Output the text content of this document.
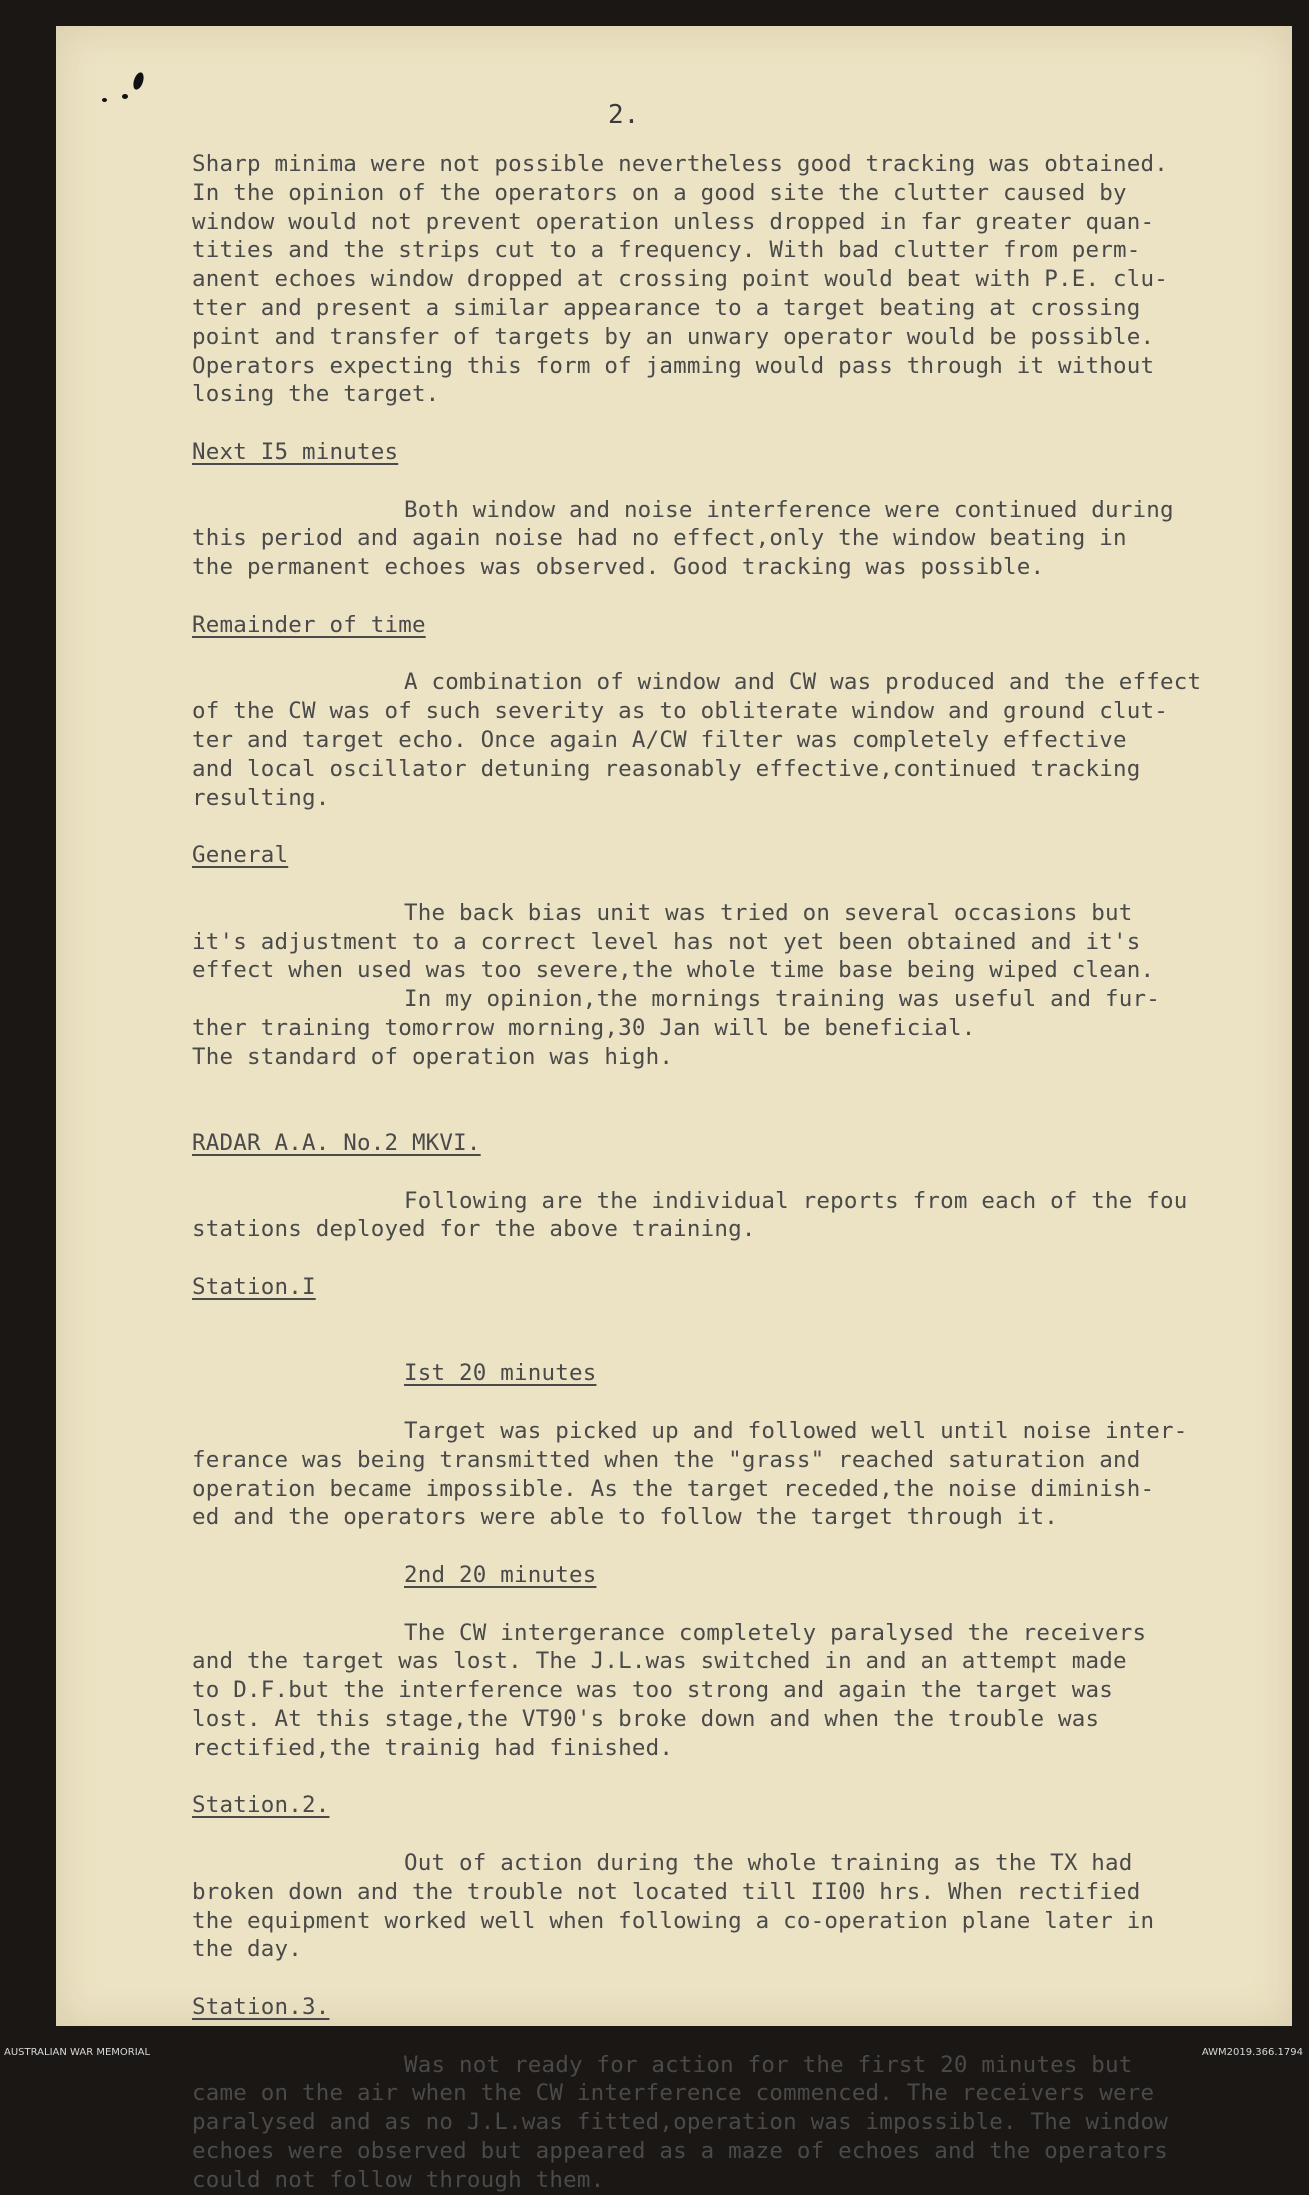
2.
Sharp minima were not possible nevertheless good tracking was obtained.
In the opinion of the operators on a good site the clutter caused by
window would not prevent operation unless dropped in far greater quan-
tities and the strips cut to a frequency. With bad clutter from perm-
anent echoes window dropped at crossing point would beat with P.E. clu-
tter and present a similar appearance to a target beating at crossing
point and transfer of targets by an unwary operator would be possible.
Operators expecting this form of jamming would pass through it without
losing the target.
Next I5 minutes
Both window and noise interference were continued during
this period and again noise had no effect,only the window beating in
the permanent echoes was observed. Good tracking was possible.
Remainder of time
A combination of window and CW was produced and the effect
of the CW was of such severity as to obliterate window and ground clut-
ter and target echo. Once again A/CW filter was completely effective
and local oscillator detuning reasonably effective,continued tracking
resulting.
General
The back bias unit was tried on several occasions but
it's adjustment to a correct level has not yet been obtained and it's
effect when used was too severe,the whole time base being wiped clean.
In my opinion,the mornings training was useful and fur-
ther training tomorrow morning,30 Jan will be beneficial.
The standard of operation was high.
RADAR A.A. No.2 MKVI.
Following are the individual reports from each of the fou
stations deployed for the above training.
Station.I
Ist 20 minutes
Target was picked up and followed well until noise inter-
ferance was being transmitted when the "grass" reached saturation and
operation became impossible. As the target receded,the noise diminish-
ed and the operators were able to follow the target through it.
2nd 20 minutes
The CW intergerance completely paralysed the receivers
and the target was lost. The J.L.was switched in and an attempt made
to D.F.but the interference was too strong and again the target was
lost. At this stage,the VT90's broke down and when the trouble was
rectified,the trainig had finished.
Station.2.
Out of action during the whole training as the TX had
broken down and the trouble not located till II00 hrs. When rectified
the equipment worked well when following a co-operation plane later in
the day.
Station.3.
Was not ready for action for the first 20 minutes but
came on the air when the CW interference commenced. The receivers were
paralysed and as no J.L.was fitted,operation was impossible. The window
echoes were observed but appeared as a maze of echoes and the operators
could not follow through them.
AUSTRALIAN WAR MEMORIAL	AWM2019.366.1794
